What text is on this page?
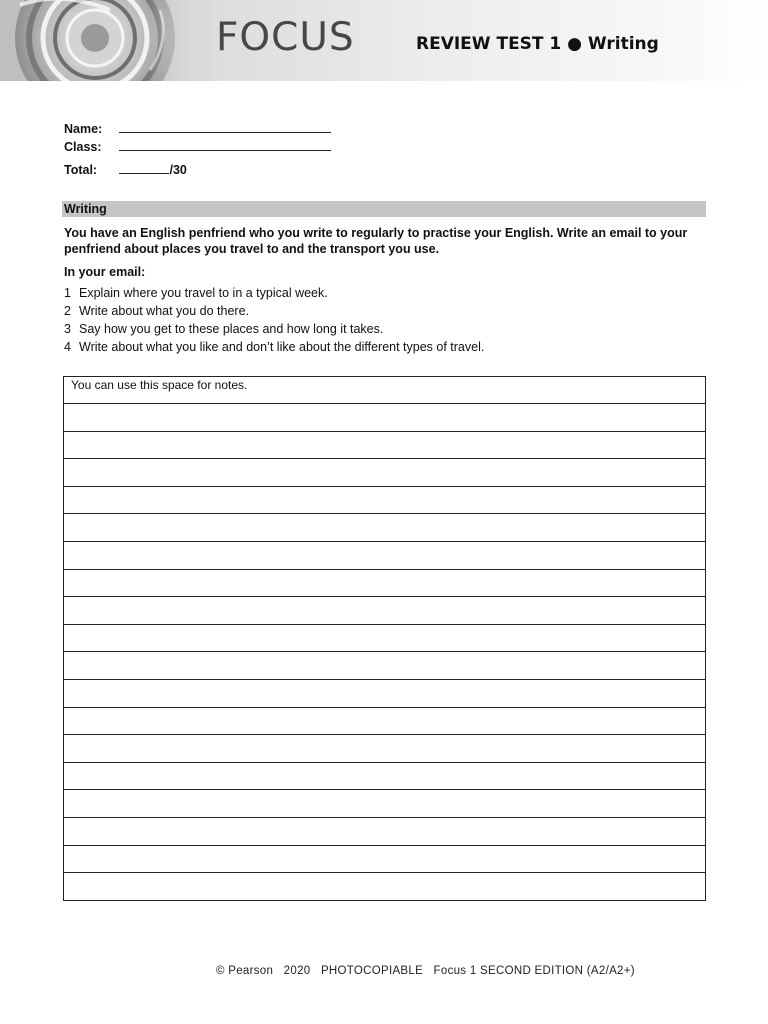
FOCUS	REVIEW TEST 1 ● Writing
Name:
Class:
Total:	/30
Writing
You have an English penfriend who you write to regularly to practise your English. Write an email to your penfriend about places you travel to and the transport you use.
In your email:
1 Explain where you travel to in a typical week.
2 Write about what you do there.
3 Say how you get to these places and how long it takes.
4 Write about what you like and don’t like about the different types of travel.
You can use this space for notes.
© Pearson   2020   PHOTOCOPIABLE   Focus 1 SECOND EDITION (A2/A2+)
